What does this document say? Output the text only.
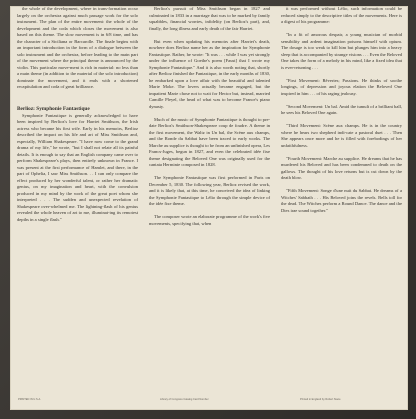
the whole of the development, where in trans-formation occur largely on the orchestra against much passage work for the solo instrument. The plan of the entire movement: the whole of the development and the coda which closes the movement is also based on this theme. The slow movement is in 6/8 time, and has the character of a Siciliana or Barcarolle. The finale begins with an important introduction in the form of a dialogue between the solo instrument and the orchestra, before leading to the main part of the movement where the principal theme is announced by the violin. This particular move-ment is rich in material: no less than a main theme (in addition to the material of the solo introduction) dominate the movement, and it ends with a shortened recapitulation and coda of great brilliance.

Berlioz: Symphonie Fantastique

Symphonie Fantastique is generally acknowledged to have been inspired by Berlioz's love for Harriet Smithson, the Irish actress who became his first wife. Early in his memoirs, Berlioz described the impact on his life and art of Miss Smithson and, especially, William Shakespeare. "I have now come to the grand drama of my life," he wrote, "but I shall not relate all its painful details. It is enough to say that an English company came over to perform Shakespeare's plays, then entirely unknown in France. I was present at the first performance of Hamlet, and there, in the part of Ophelia, I saw Miss Smithson. . . I can only compare the effect produced by her wonderful talent, or rather her dramatic genius, on my imagination and heart, with the convulsion produced in my mind by the work of the great poet whom she interpreted . . . The sudden and unexpected revelation of Shakespeare over-whelmed me. The lightning-flash of his genius revealed the whole heaven of art to me, illuminat-ing its remotest depths in a single flash."

Berlioz's pursuit of Miss Smithson began in 1827 and culminated in 1833 in a marriage that was to be marked by family squabbles, financial worries, infidelity (on Berlioz's part), and, finally, the long illness and early death of the fair Harriet.

But even when updating his memoirs after Harriet's death, nowhere does Berlioz name her as the inspiration for Symphonie Fantastique. Rather, he wrote: "It was . . . while I was yet strongly under the influence of Goethe's poem [Faust] that I wrote my Symphonie Fantastique." And it is also worth noting that, shortly after Berlioz finished the Fantastique, in the early months of 1830, he embarked upon a love affair with the beautiful and talented Marie Moke. The lovers actually became engaged, but the impatient Marie chose not to wait for Hector but, instead, married Camille Pleyel, the head of what was to become France's piano dynasty.

Much of the music of Symphonie Fantastique is thought to pre-date Berlioz's Smithson-Shakespeare coup de foudre. A theme in the first movement, the Waltz in Un bal, the Scène aux champs, and the Ronde du Sabbat have been traced to early works. The Marche au supplice is thought to be from an unfinished opera, Les Francs-Juges, begun in 1827, and even the celebrated idée fixe theme designating the Beloved One was originally used for the cantata Herminie composed in 1828.

The Symphonie Fantastique was first performed in Paris on December 5, 1830. The following year, Berlioz revised the work, and it is likely that, at this time, he conceived the idea of linking the Symphonie Fantastique to Lélio through the simple device of the idée fixe theme.

The composer wrote an elaborate programme of the work's five movements, specifying that, when

it was performed without Lélio, such information could be reduced simply to the descriptive titles of the movements. Here is a digest of his programme:

"In a fit of amorous despair, a young musician of morbid sensibility and ardent imagination poisons himself with opium. The dosage is too weak to kill him but plunges him into a heavy sleep that is accompanied by strange visions . . . Even the Beloved One takes the form of a melody in his mind, like a fixed idea that is ever-returning . . .

"First Movement: Rêveries; Passions. He thinks of soothe longings, of depression and joyous elation the Beloved One inspired in him . . . of his raging jealousy.

"Second Movement: Un bal. Amid the tumult of a brilliant ball, he sees his Beloved One again.

"Third Movement: Scène aux champs. He is in the country where he hears two shepherd indi-cate a pastoral duet . . . Then She appears once more and he is filled with forebodings of her unfaithfulness.

"Fourth Movement: Marche au supplice. He dreams that he has murdered his Beloved and has been condemned to death on the gallows. The thought of his love returns but is cut down by the death blow.

"Fifth Movement: Songe d'une nuit du Sabbat. He dreams of a Witches' Sabbath . . . His Beloved joins the revels. Bells toll for the dead. The Witches perform a Round Dance. The dance and the Dies irae sound together."

PRINTED IN U.S.A.	Library of Congress Catalog Card Number	Printed in England by Robert Stace
